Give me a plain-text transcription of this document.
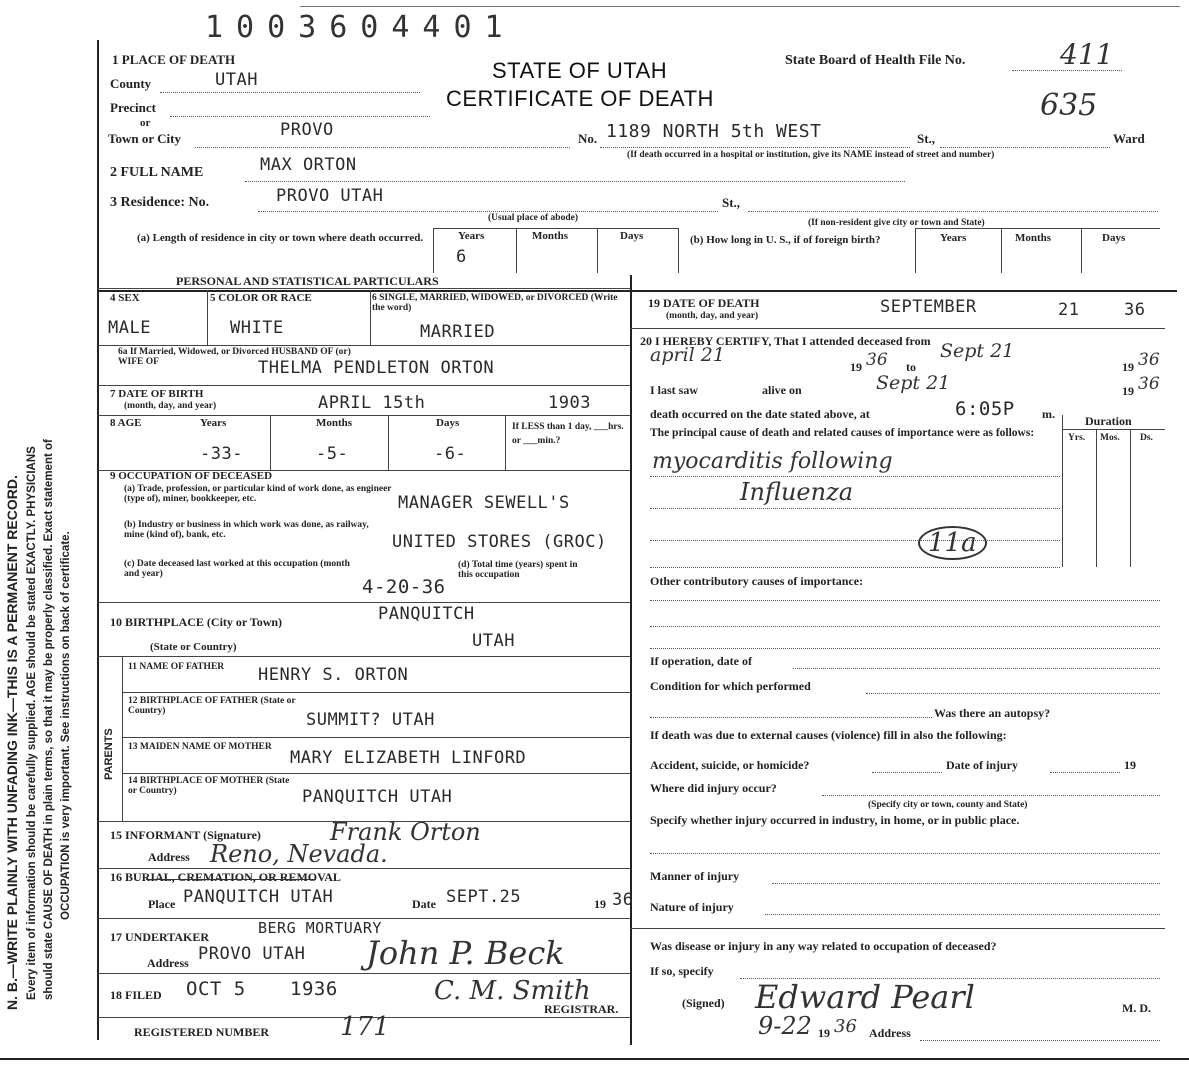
1003604401
N. B.—WRITE PLAINLY WITH UNFADING INK—THIS IS A PERMANENT RECORD. Every item of information should be carefully supplied. AGE should be stated EXACTLY. PHYSICIANS should state CAUSE OF DEATH in plain terms, so that it may be properly classified. Exact statement of OCCUPATION is very important. See instructions on back of certificate.
1 PLACE OF DEATH	STATE OF UTAH
CERTIFICATE OF DEATH
State Board of Health File No.	411
635
County	UTAH
Precinct
or
Town or City	PROVO	No. 1189 NORTH 5th WEST	St.,	Ward
(If death occurred in a hospital or institution, give its NAME instead of street and number)
2 FULL NAME	MAX ORTON
3 Residence: No.	PROVO UTAH	St.,
(Usual place of abode)	(If non-resident give city or town and State)
Years	Months	Days
6
(a) Length of residence in city or town where death occurred.	(b) How long in U. S., if of foreign birth?	Years	Months	Days
PERSONAL AND STATISTICAL PARTICULARS
4 SEX	5 COLOR OR RACE	6 SINGLE, MARRIED, WIDOWED, or DIVORCED (Write the word)
MALE	WHITE	MARRIED
6a If Married, Widowed, or Divorced HUSBAND OF (or) WIFE OF	THELMA PENDLETON ORTON
7 DATE OF BIRTH
(month, day, and year)	APRIL 15th	1903
8 AGE	Years	Months	Days
-33-	-5-	-6-
If LESS than 1 day, ___hrs. or ___min.?
9 OCCUPATION OF DECEASED
(a) Trade, profession, or particular kind of work done, as engineer (type of), miner, bookkeeper, etc.	MANAGER SEWELL'S
(b) Industry or business in which work was done, as railway, mine (kind of), bank, etc.	UNITED STORES (GROC)
(c) Date deceased last worked at this occupation (month and year)
4-20-36
(d) Total time (years) spent in this occupation
10 BIRTHPLACE (City or Town)	PANQUITCH
(State or Country)	UTAH
PARENTS
11 NAME OF FATHER	HENRY S. ORTON
12 BIRTHPLACE OF FATHER (State or Country)	SUMMIT? UTAH
13 MAIDEN NAME OF MOTHER
MARY ELIZABETH LINFORD
14 BIRTHPLACE OF MOTHER (State or Country)	PANQUITCH UTAH
15 INFORMANT (Signature)	Frank Orton
Address Reno, Nevada.
16 BURIAL, CREMATION, OR REMOVAL
Place PANQUITCH UTAH	Date SEPT.25	19 36
17 UNDERTAKER	BERG MORTUARY
Address PROVO UTAH John P. Beck
18 FILED OCT 5 1936	C. M. Smith
REGISTRAR.
REGISTERED NUMBER	171
19 DATE OF DEATH
(month, day, and year)	SEPTEMBER	21	36
20 I HEREBY CERTIFY, That I attended deceased from
april 21
19 36 to
Sept 21
19 36
I last saw	alive on	Sept 21	19 36
death occurred on the date stated above, at	6:05P m.	Duration
Yrs. Mos. Ds.
The principal cause of death and related causes of importance were as follows:
myocarditis following
Influenza
11a
Other contributory causes of importance:
If operation, date of
Condition for which performed
Was there an autopsy?
If death was due to external causes (violence) fill in also the following:
Accident, suicide, or homicide?	Date of injury	19
Where did injury occur?
(Specify city or town, county and State)
Specify whether injury occurred in industry, in home, or in public place.
Manner of injury
Nature of injury
Was disease or injury in any way related to occupation of deceased?
If so, specify
(Signed) Edward Pearl	M. D.
9-22 19 36 Address
